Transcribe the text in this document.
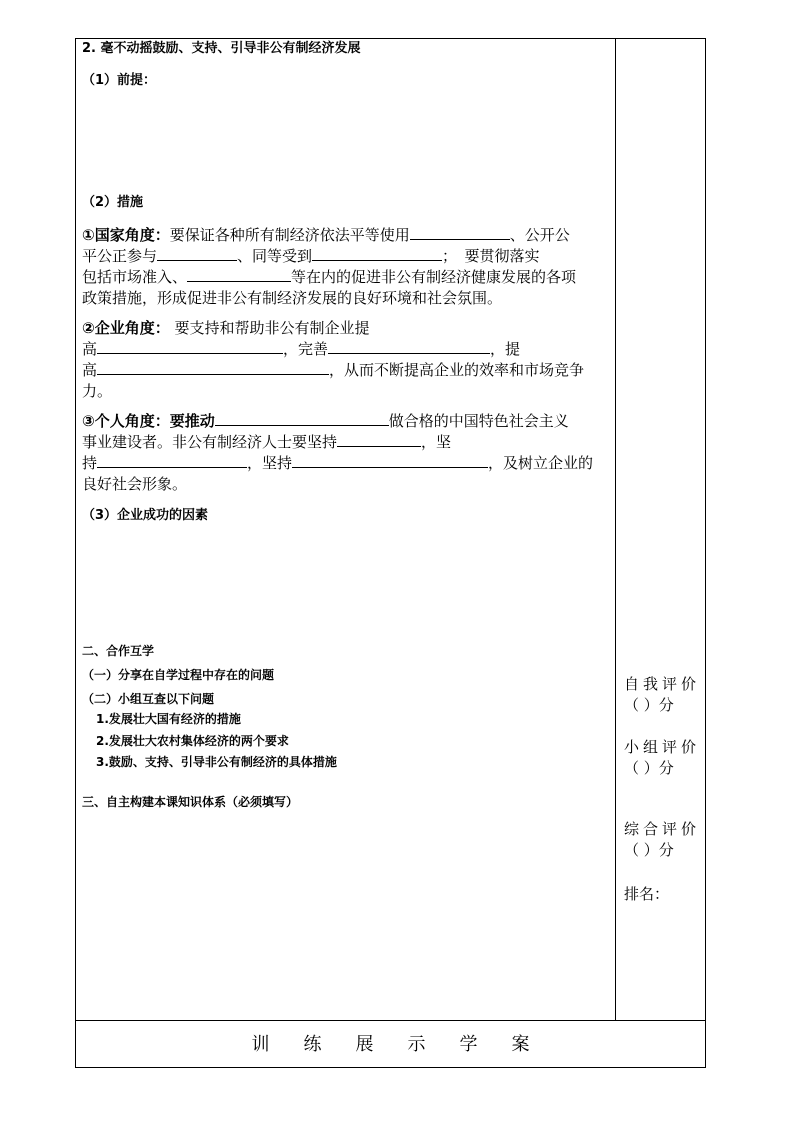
2. 毫不动摇鼓励、支持、引导非公有制经济发展
（1）前提：
（2）措施
①国家角度：要保证各种所有制经济依法平等使用	、公开公
平公正参与	、同等受到	；　要贯彻落实
包括市场准入、	等在内的促进非公有制经济健康发展的各项
政策措施，形成促进非公有制经济发展的良好环境和社会氛围。
②企业角度： 要支持和帮助非公有制企业提
高	，完善	，提
高	，从而不断提高企业的效率和市场竞争
力。
③个人角度：要推动	做合格的中国特色社会主义
事业建设者。非公有制经济人士要坚持	，坚
持	，坚持	，及树立企业的
良好社会形象。
（3）企业成功的因素
二、合作互学
（一）分享在自学过程中存在的问题
（二）小组互查以下问题
1.发展壮大国有经济的措施
2.发展壮大农村集体经济的两个要求
3.鼓励、支持、引导非公有制经济的具体措施
三、自主构建本课知识体系（必须填写）
自我评价
（ ）分
小组评价
（ ）分
综合评价
（ ）分
排名：
训练展示学案
